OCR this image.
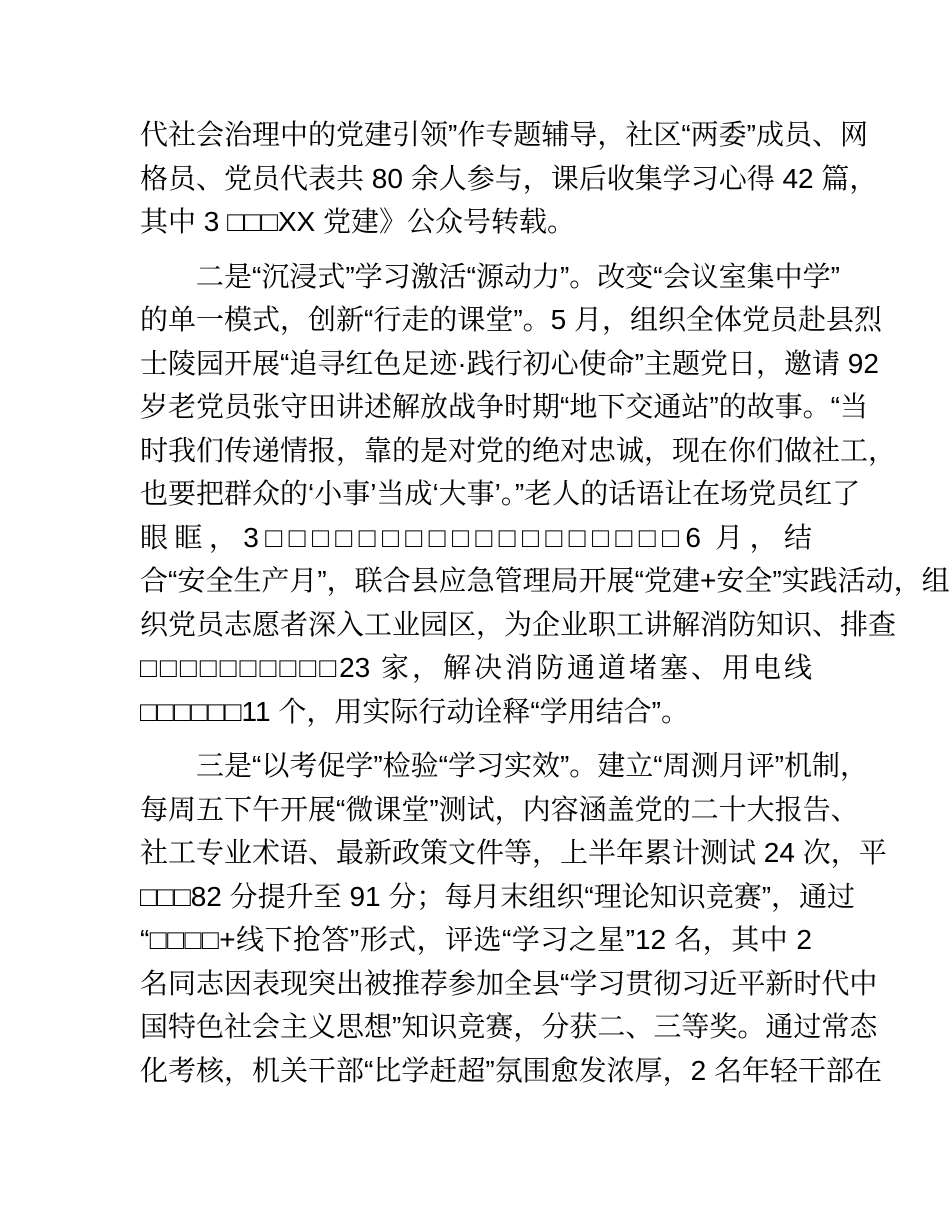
代社会治理中的党建引领”作专题辅导，社区“两委”成员、网
格员、党员代表共 80 余人参与，课后收集学习心得 42 篇，
其中 3 □□□XX 党建》公众号转载。
二是“沉浸式”学习激活“源动力”。改变“会议室集中学”
的单一模式，创新“行走的课堂”。5 月，组织全体党员赴县烈
士陵园开展“追寻红色足迹·践行初心使命”主题党日，邀请 92
岁老党员张守田讲述解放战争时期“地下交通站”的故事。“当
时我们传递情报，靠的是对党的绝对忠诚，现在你们做社工，
也要把群众的‘小事’当成‘大事’。”老人的话语让在场党员红了
眼眶，3□□□□□□□□□□□□□□□□□□6 月，结
合“安全生产月”，联合县应急管理局开展“党建+安全”实践活动，组
织党员志愿者深入工业园区，为企业职工讲解消防知识、排查
□□□□□□□□□□23 家，解决消防通道堵塞、用电线
□□□□□□11 个，用实际行动诠释“学用结合”。
三是“以考促学”检验“学习实效”。建立“周测月评”机制，
每周五下午开展“微课堂”测试，内容涵盖党的二十大报告、
社工专业术语、最新政策文件等，上半年累计测试 24 次，平
□□□82 分提升至 91 分；每月末组织“理论知识竞赛”，通过
“□□□□+线下抢答”形式，评选“学习之星”12 名，其中 2
名同志因表现突出被推荐参加全县“学习贯彻习近平新时代中
国特色社会主义思想”知识竞赛，分获二、三等奖。通过常态
化考核，机关干部“比学赶超”氛围愈发浓厚，2 名年轻干部在
